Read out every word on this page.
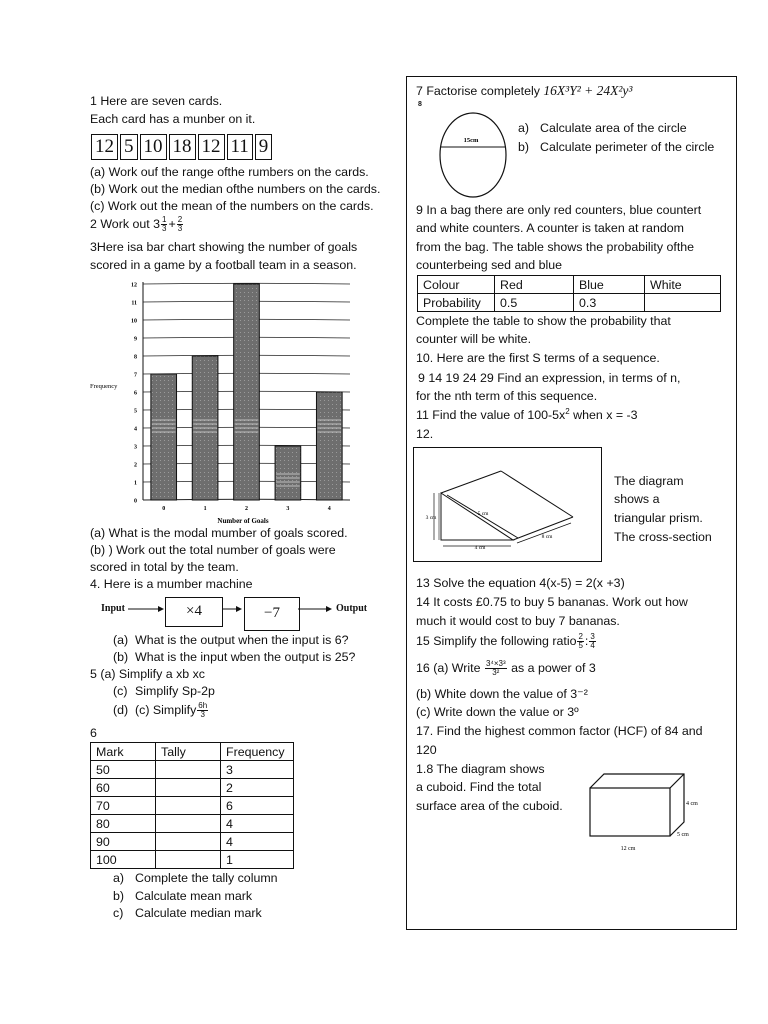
1 Here are seven cards.
Each card has a munber on it.
12 5 10 18 12 11 9
(a) Work ouf the range ofthe rumbers on the cards.
(b) Work out the median ofthe numbers on the cards.
(c) Work out the mean of the numbers on the cards.
2 Work out $3 \frac{1}{3} + \frac{2}{3}$
3Here isa bar chart showing the number of goals
scored in a game by a football team in a season.
Frequency
Number of Goals
0
1
2
3
4
5
6
7
8
9
10
11
12
0	1	2	3	4
(a) What is the modal mumber of goals scored.
(b) ) Work out the total number of goals were
scored in total by the team.
4. Here is a mumber machine
Input	×4	−7	Output
(a) What is the output when the input is 6?
(b) What is the input wben the output is 25?
5 (a) Simplify a xb xc
(c) Simplify Sp-2p
(d) (c) Simplify $\frac{6h}{3}$
6
Mark	Tally	Frequency
50		3
60		2
70		6
80		4
90		4
100		1
a) Complete the tally column
b) Calculate mean mark
c) Calculate median mark
7 Factorise completely 16X³Y² + 24X²y³
8
15cm
a) Calculate area of the circle
b) Calculate perimeter of the circle
9 In a bag there are only red counters, blue countert
and white counters. A counter is taken at random
from the bag. The table shows the probability ofthe
counterbeing sed and blue
Colour	Red	Blue	White
Probability	0.5	0.3	
Complete the table to show the probability that
counter will be white.
10. Here are the first S terms of a sequence.
9 14 19 24 29 Find an expression, in terms of n,
for the nth term of this sequence.
11 Find the value of $100-5x^2$ when x = -3
12.
3 cm
5 cm
4 cm
8 cm
The diagram
shows a
triangular prism.
The cross-section
13 Solve the equation 4(x-5) = 2(x +3)
14 It costs £0.75 to buy 5 bananas. Work out how
much it would cost to buy 7 bananas.
15 Simplify the following ratio $\frac{2}{5}$ : $\frac{3}{4}$
16 (a) Write $\frac{\text{3⁴×3³}}{\text{3²}}$ as a power of 3
(b) White down the value of 3⁻²
(c) Write down the value or 3º
17. Find the highest common factor (HCF) of 84 and
120
1.8 The diagram shows
a cuboid. Find the total
surface area of the cuboid.	4 cm
5 cm
12 cm
